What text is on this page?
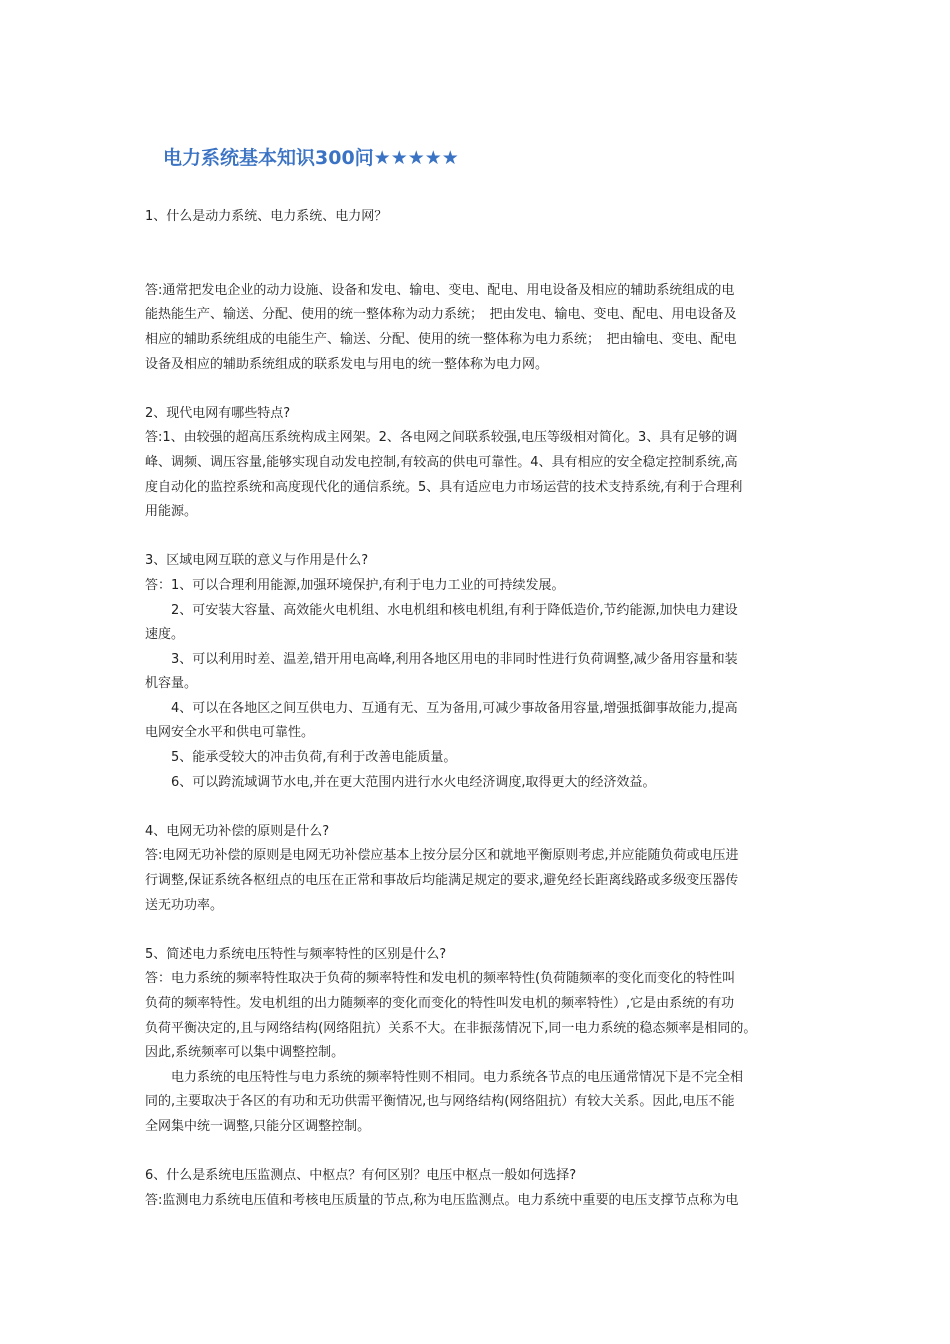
电力系统基本知识300问★★★★★

1、什么是动力系统、电力系统、电力网？

答:通常把发电企业的动力设施、设备和发电、输电、变电、配电、用电设备及相应的辅助系统组成的电

能热能生产、输送、分配、使用的统一整体称为动力系统；　把由发电、输电、变电、配电、用电设备及

相应的辅助系统组成的电能生产、输送、分配、使用的统一整体称为电力系统；　把由输电、变电、配电

设备及相应的辅助系统组成的联系发电与用电的统一整体称为电力网。

2、现代电网有哪些特点?

答:1、由较强的超高压系统构成主网架。2、各电网之间联系较强,电压等级相对简化。3、具有足够的调

峰、调频、调压容量,能够实现自动发电控制,有较高的供电可靠性。4、具有相应的安全稳定控制系统,高

度自动化的监控系统和高度现代化的通信系统。5、具有适应电力市场运营的技术支持系统,有利于合理利

用能源。

3、区域电网互联的意义与作用是什么?

答：1、可以合理利用能源,加强环境保护,有利于电力工业的可持续发展。

　　2、可安装大容量、高效能火电机组、水电机组和核电机组,有利于降低造价,节约能源,加快电力建设

速度。

　　3、可以利用时差、温差,错开用电高峰,利用各地区用电的非同时性进行负荷调整,减少备用容量和装

机容量。

　　4、可以在各地区之间互供电力、互通有无、互为备用,可减少事故备用容量,增强抵御事故能力,提高

电网安全水平和供电可靠性。

　　5、能承受较大的冲击负荷,有利于改善电能质量。

　　6、可以跨流域调节水电,并在更大范围内进行水火电经济调度,取得更大的经济效益。

4、电网无功补偿的原则是什么?

答:电网无功补偿的原则是电网无功补偿应基本上按分层分区和就地平衡原则考虑,并应能随负荷或电压进

行调整,保证系统各枢纽点的电压在正常和事故后均能满足规定的要求,避免经长距离线路或多级变压器传

送无功功率。

5、简述电力系统电压特性与频率特性的区别是什么?

答：电力系统的频率特性取决于负荷的频率特性和发电机的频率特性(负荷随频率的变化而变化的特性叫

负荷的频率特性。发电机组的出力随频率的变化而变化的特性叫发电机的频率特性）,它是由系统的有功

负荷平衡决定的,且与网络结构(网络阻抗）关系不大。在非振荡情况下,同一电力系统的稳态频率是相同的。

因此,系统频率可以集中调整控制。

　　电力系统的电压特性与电力系统的频率特性则不相同。电力系统各节点的电压通常情况下是不完全相

同的,主要取决于各区的有功和无功供需平衡情况,也与网络结构(网络阻抗）有较大关系。因此,电压不能

全网集中统一调整,只能分区调整控制。

6、什么是系统电压监测点、中枢点？有何区别？电压中枢点一般如何选择?

答:监测电力系统电压值和考核电压质量的节点,称为电压监测点。电力系统中重要的电压支撑节点称为电
